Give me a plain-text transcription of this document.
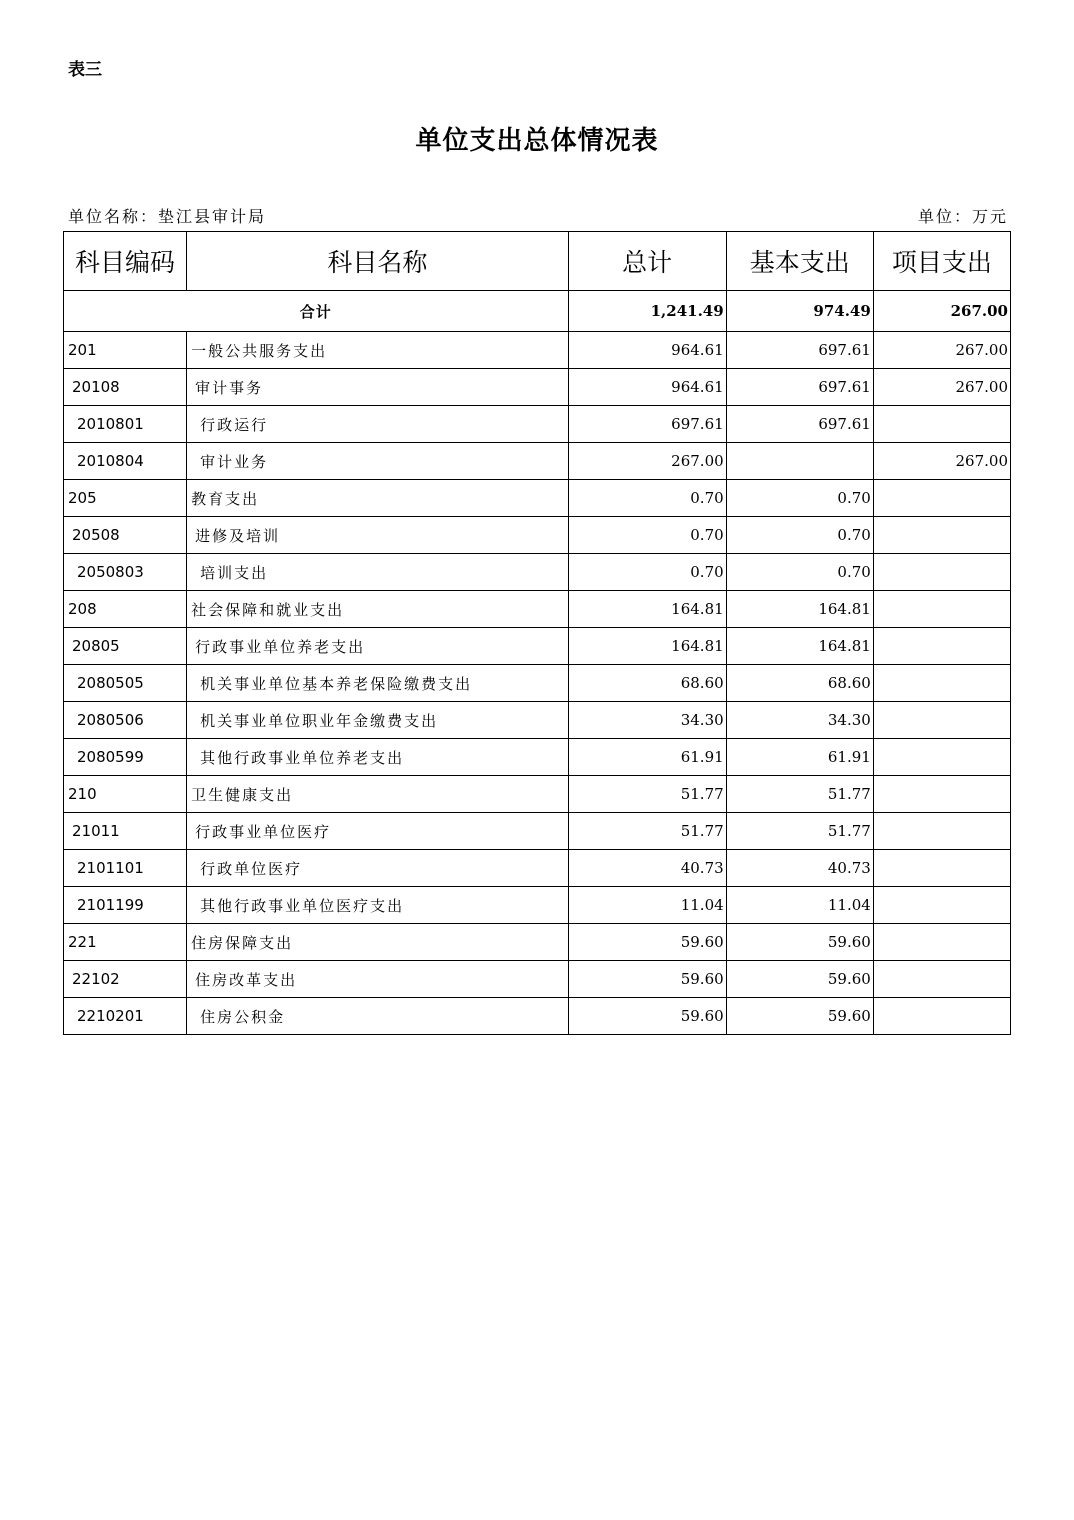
表三
单位支出总体情况表
单位名称：垫江县审计局	单位：万元
科目编码	科目名称	总计	基本支出	项目支出
合计		1,241.49	974.49	267.00
201	一般公共服务支出	964.61	697.61	267.00
20108	审计事务	964.61	697.61	267.00
2010801	行政运行	697.61	697.61	
2010804	审计业务	267.00		267.00
205	教育支出	0.70	0.70	
20508	进修及培训	0.70	0.70	
2050803	培训支出	0.70	0.70	
208	社会保障和就业支出	164.81	164.81	
20805	行政事业单位养老支出	164.81	164.81	
2080505	机关事业单位基本养老保险缴费支出	68.60	68.60	
2080506	机关事业单位职业年金缴费支出	34.30	34.30	
2080599	其他行政事业单位养老支出	61.91	61.91	
210	卫生健康支出	51.77	51.77	
21011	行政事业单位医疗	51.77	51.77	
2101101	行政单位医疗	40.73	40.73	
2101199	其他行政事业单位医疗支出	11.04	11.04	
221	住房保障支出	59.60	59.60	
22102	住房改革支出	59.60	59.60	
2210201	住房公积金	59.60	59.60	
